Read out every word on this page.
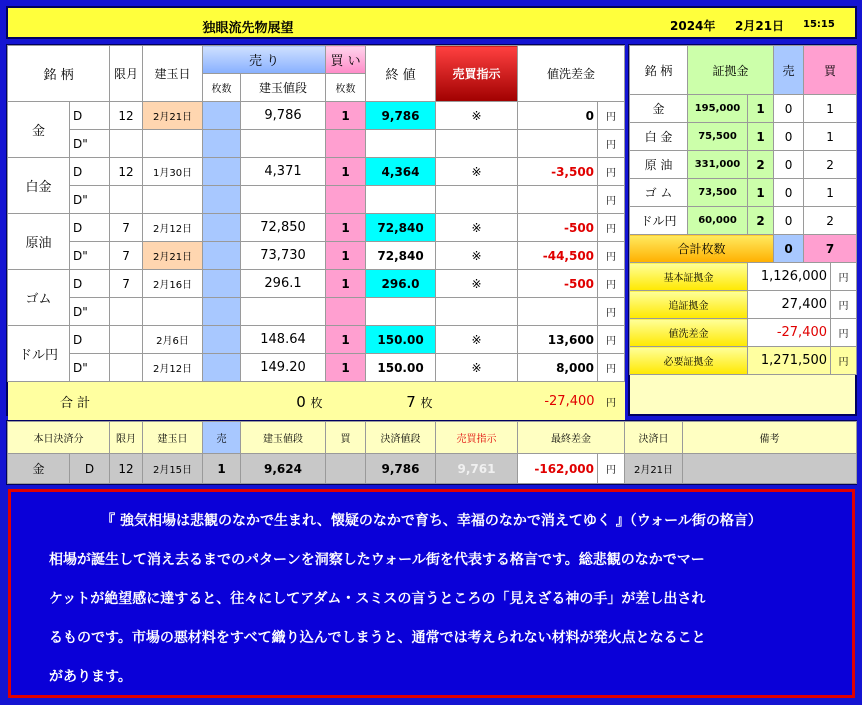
独眼流先物展望	2024年 2月21日 15:15
銘 柄		限月	建玉日	売 り		買 い	終 値	売買指示	値洗差金	
				枚数	建玉値段	枚数				
金	D	12	2月21日		9,786	1	9,786	※	0	円
	D"									円
白金	D	12	1月30日		4,371	1	4,364	※	-3,500	円
	D"									円
原油	D	7	2月12日		72,850	1	72,840	※	-500	円
	D"	7	2月21日		73,730	1	72,840	※	-44,500	円
ゴム	D	7	2月16日		296.1	1	296.0	※	-500	円
	D"									円
ドル円	D		2月6日		148.64	1	150.00	※	13,600	円
	D"		2月12日		149.20	1	150.00	※	8,000	円
合 計			0 枚			7 枚			-27,400	円
銘 柄	証拠金		売	買	
金	195,000	1	0	1	
白 金	75,500	1	0	1	
原 油	331,000	2	0	2	
ゴ ム	73,500	1	0	1	
ドル円	60,000	2	0	2	
合計枚数			0	7	
基本証拠金		1,126,000			円
追証拠金		27,400			円
値洗差金		-27,400			円
必要証拠金		1,271,500			円
本日決済分		限月	建玉日	売	建玉値段	買	決済値段	売買指示	最終差金		決済日	備考
金	D	12	2月15日	1	9,624		9,786	9,761	-162,000	円	2月21日	

『 強気相場は悲観のなかで生まれ、懐疑のなかで育ち、幸福のなかで消えてゆく 』（ウォール街の格言）

相場が誕生して消え去るまでのパターンを洞察したウォール街を代表する格言です。総悲観のなかでマー

ケットが絶望感に達すると、往々にしてアダム・スミスの言うところの「見えざる神の手」が差し出され

るものです。市場の悪材料をすべて織り込んでしまうと、通常では考えられない材料が発火点となること

があります。
